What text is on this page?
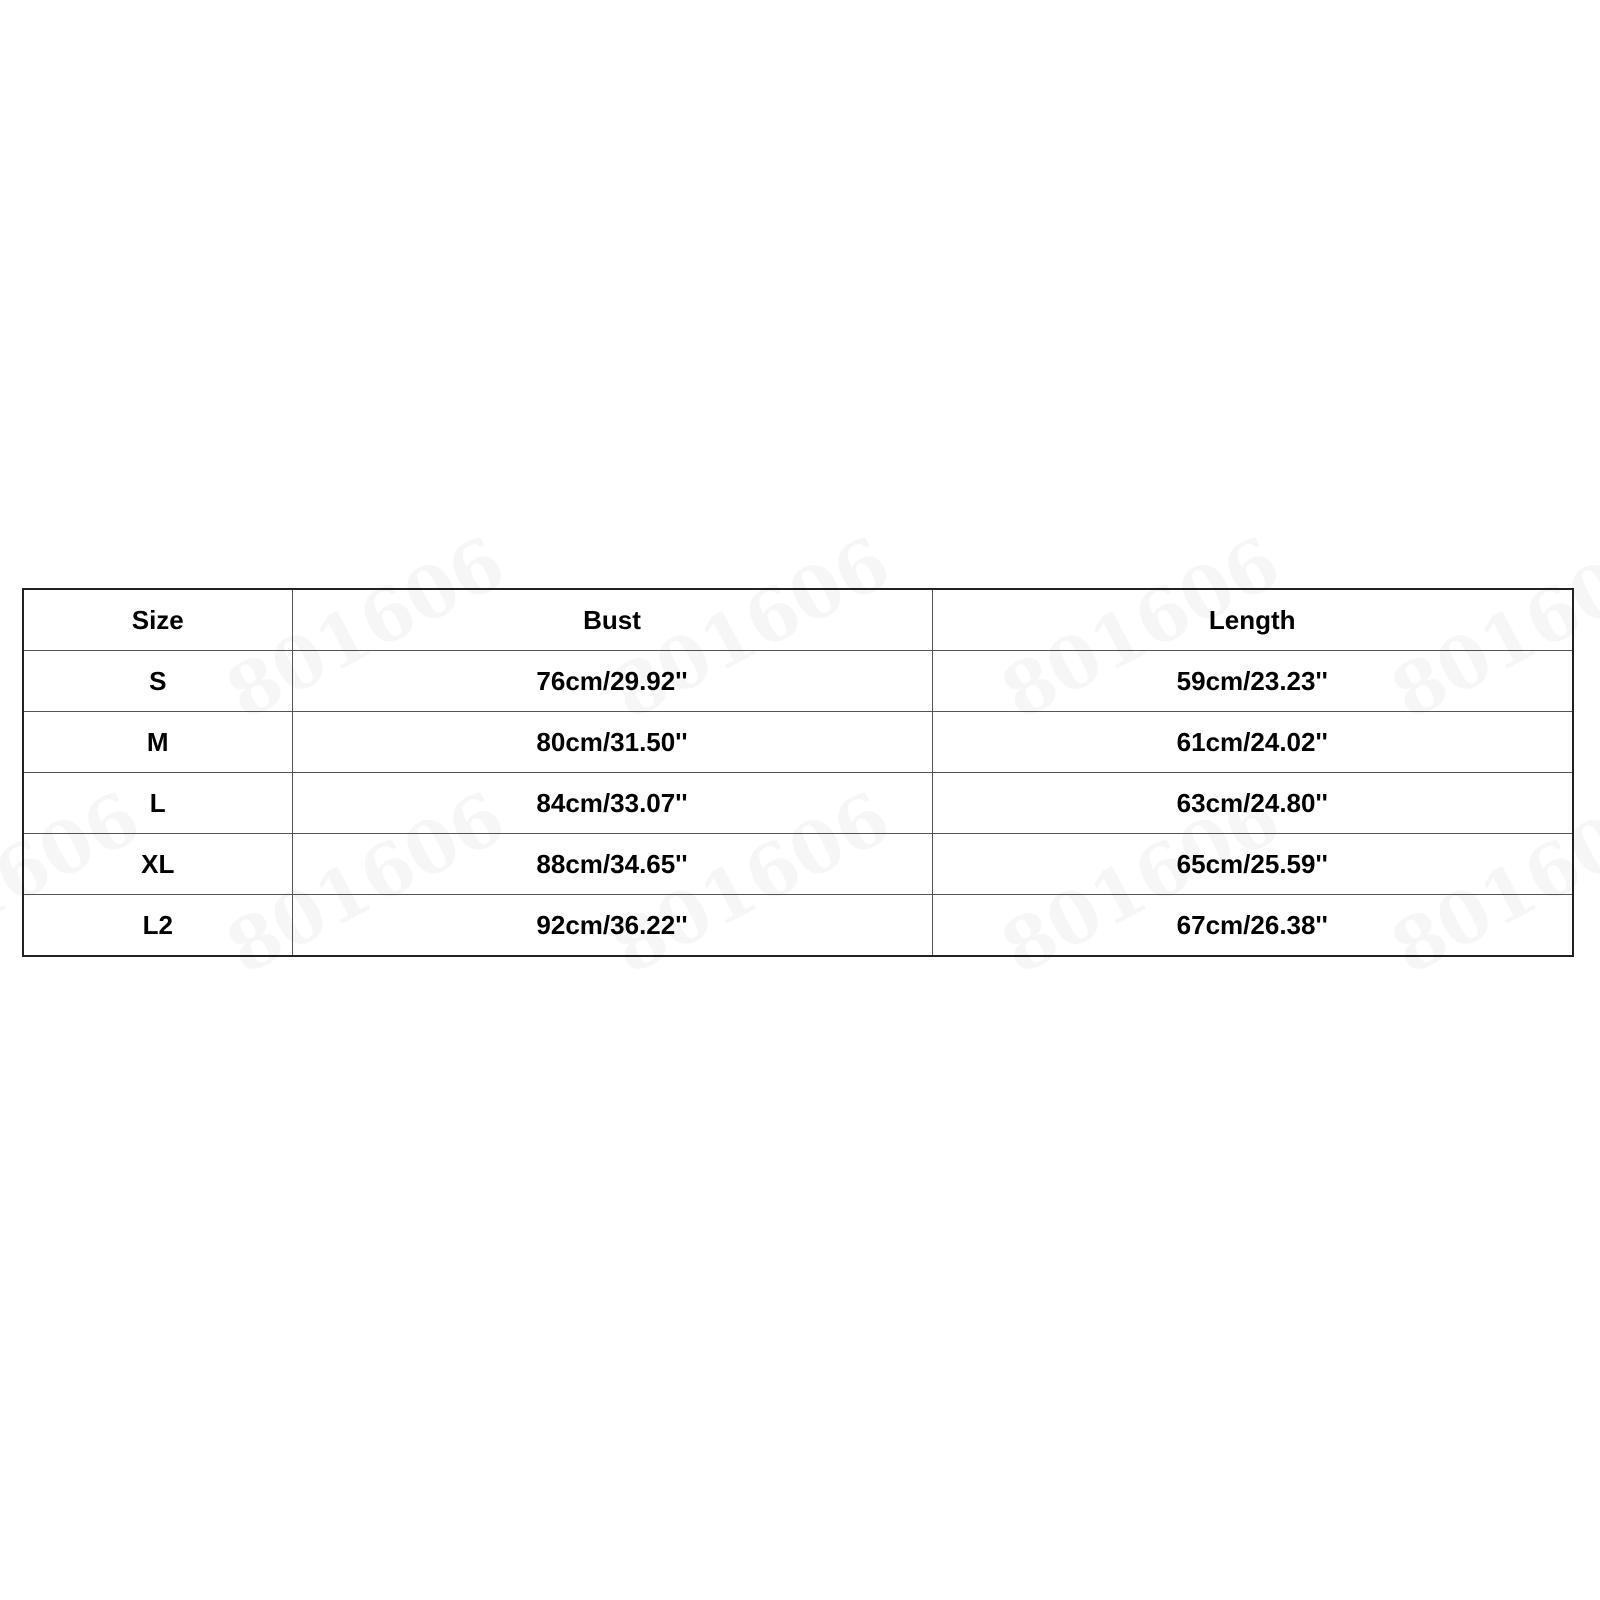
Size	Bust	Length
S	76cm/29.92''	59cm/23.23''
M	80cm/31.50''	61cm/24.02''
L	84cm/33.07''	63cm/24.80''
XL	88cm/34.65''	65cm/25.59''
L2	92cm/36.22''	67cm/26.38''
